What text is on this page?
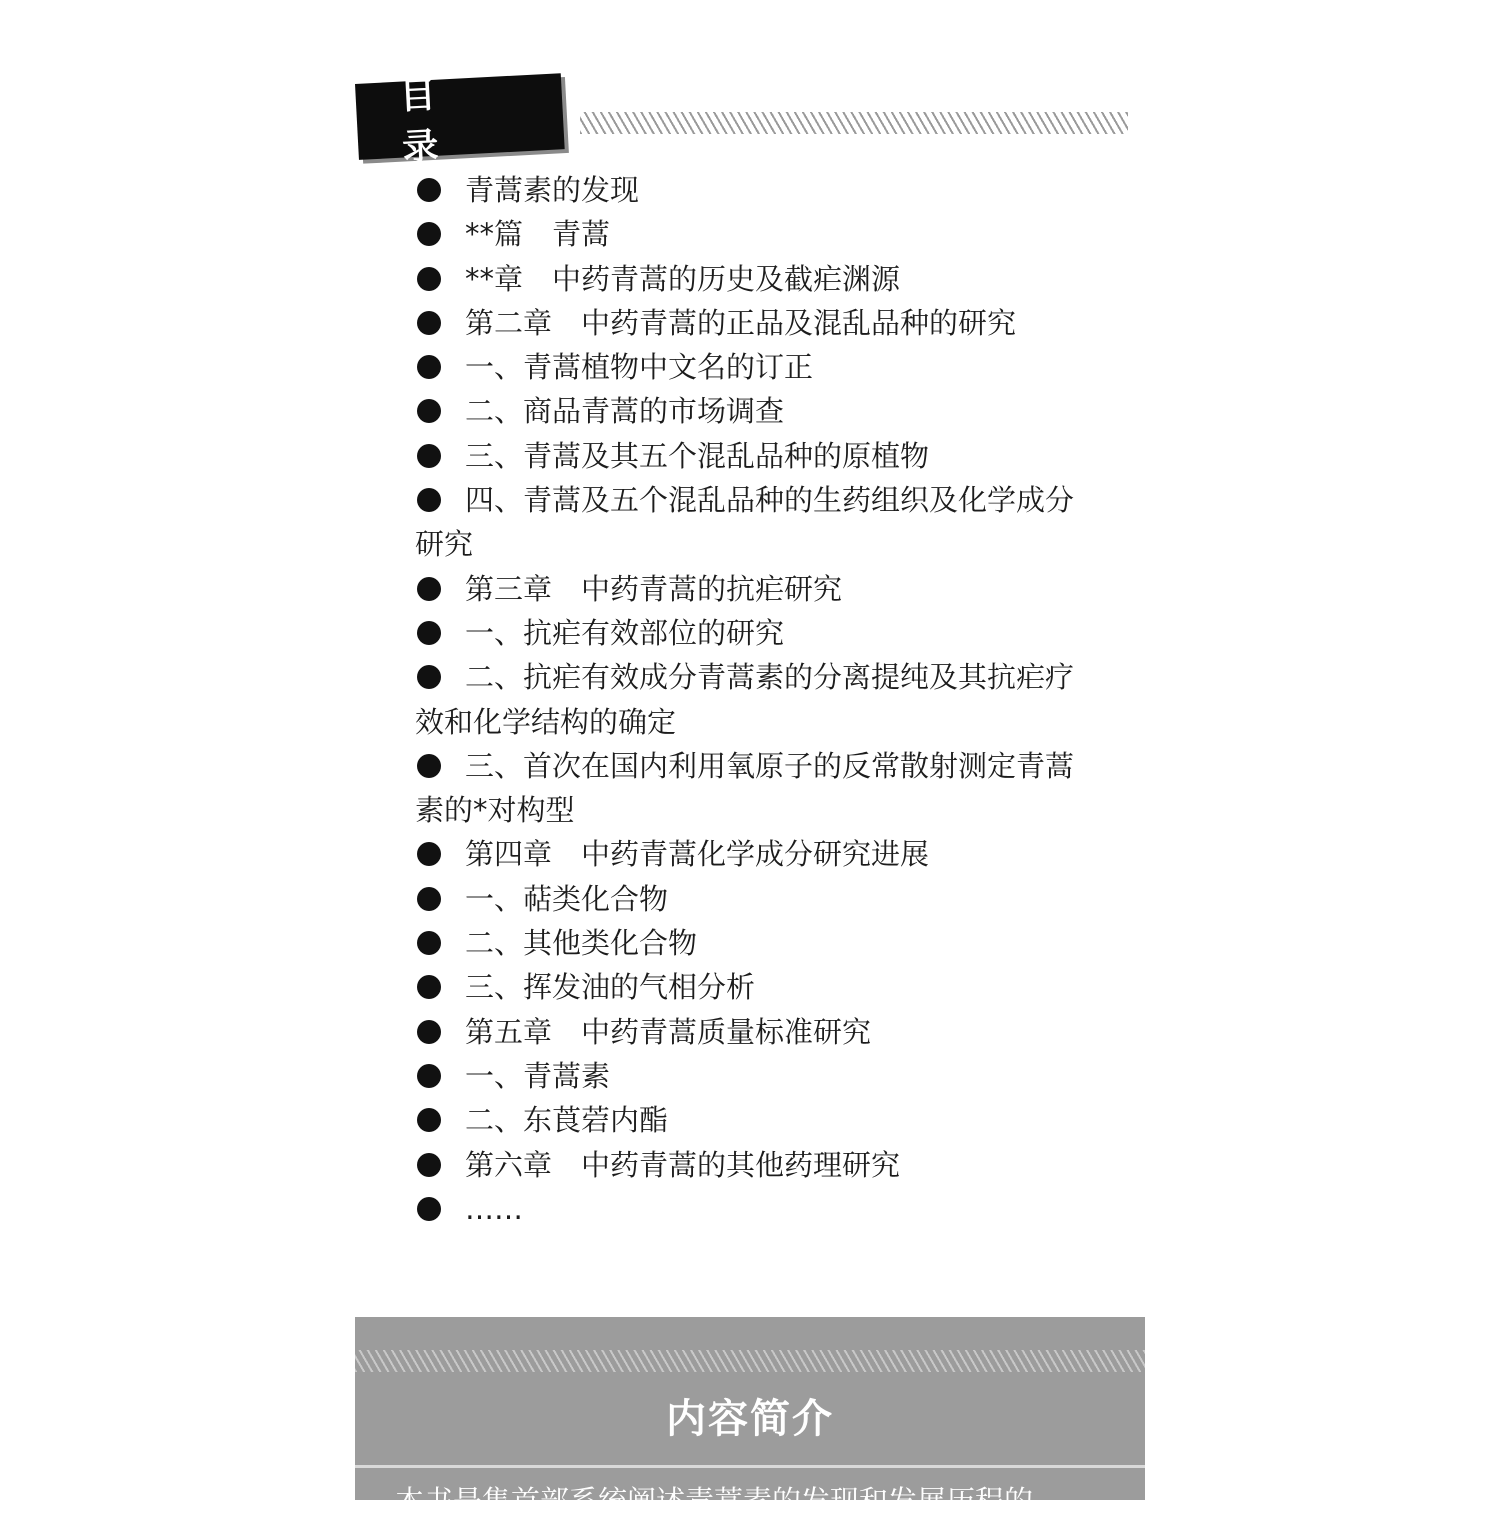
目 录
青蒿素的发现
**篇　青蒿
**章　中药青蒿的历史及截疟渊源
第二章　中药青蒿的正品及混乱品种的研究
一、青蒿植物中文名的订正
二、商品青蒿的市场调查
三、青蒿及其五个混乱品种的原植物
四、青蒿及五个混乱品种的生药组织及化学成分研究
第三章　中药青蒿的抗疟研究
一、抗疟有效部位的研究
二、抗疟有效成分青蒿素的分离提纯及其抗疟疗效和化学结构的确定
三、首次在国内利用氧原子的反常散射测定青蒿素的*对构型
第四章　中药青蒿化学成分研究进展
一、萜类化合物
二、其他类化合物
三、挥发油的气相分析
第五章　中药青蒿质量标准研究
一、青蒿素
二、东莨菪内酯
第六章　中药青蒿的其他药理研究
……
内容简介
本书是集首部系统阐述青蒿素的发现和发展历程的
